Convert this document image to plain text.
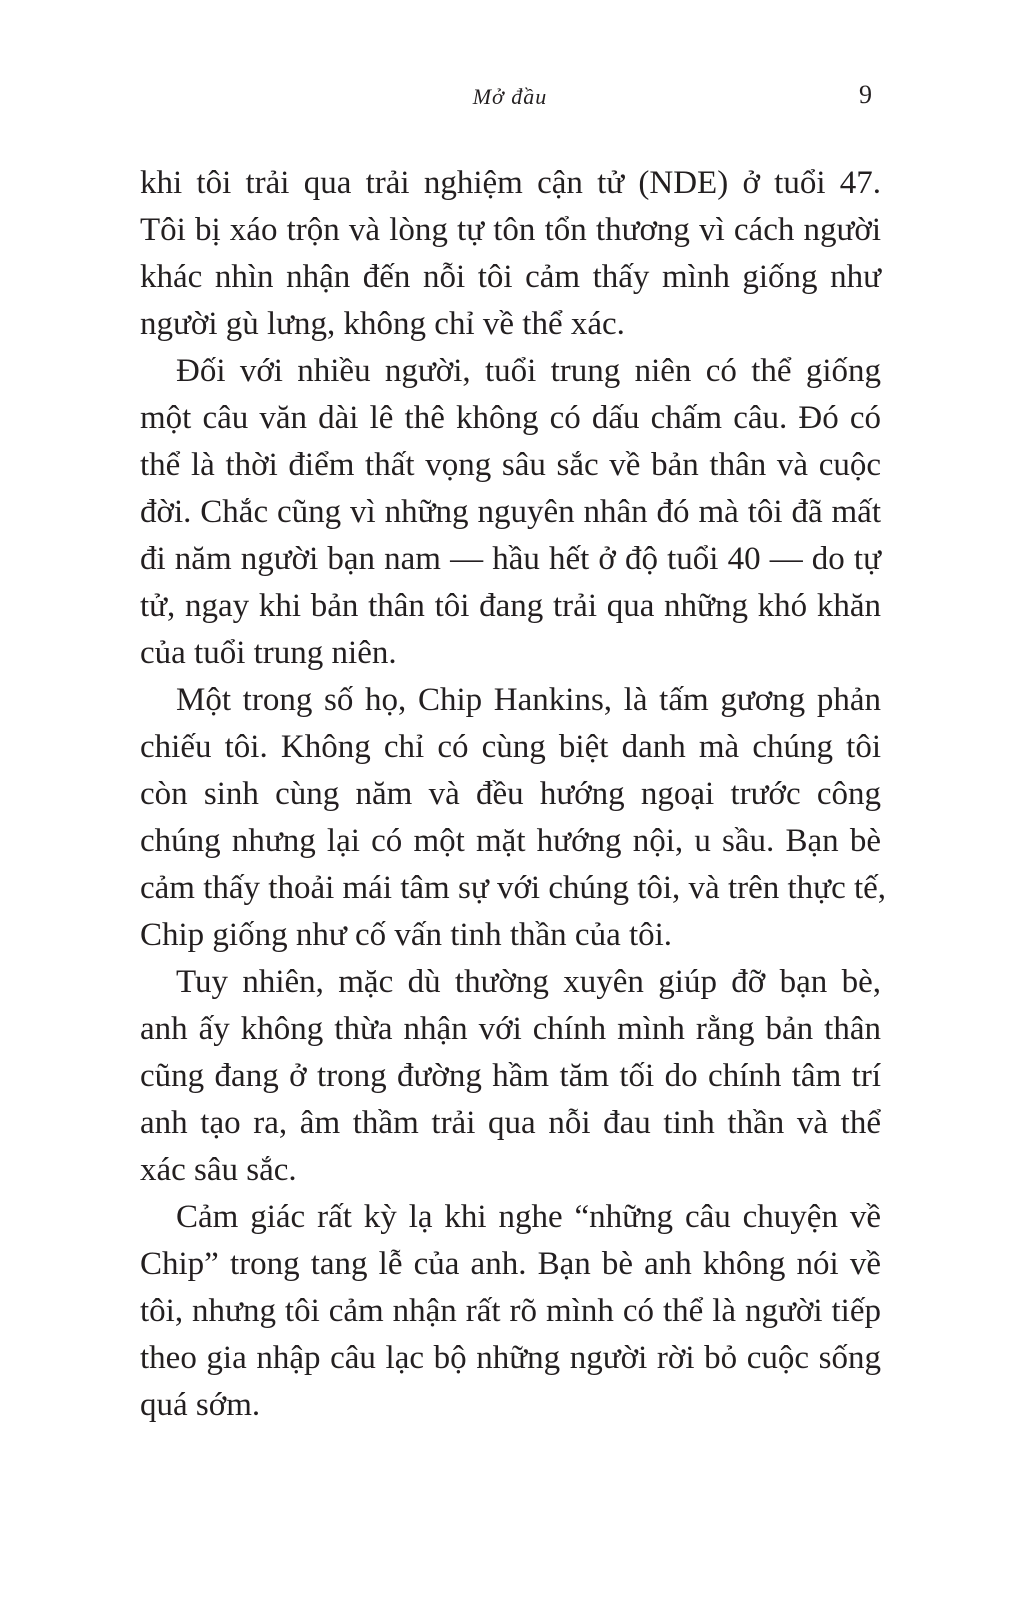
Mở đầu	9
khi tôi trải qua trải nghiệm cận tử (NDE) ở tuổi 47.
Tôi bị xáo trộn và lòng tự tôn tổn thương vì cách người
khác nhìn nhận đến nỗi tôi cảm thấy mình giống như
người gù lưng, không chỉ về thể xác.
Đối với nhiều người, tuổi trung niên có thể giống
một câu văn dài lê thê không có dấu chấm câu. Đó có
thể là thời điểm thất vọng sâu sắc về bản thân và cuộc
đời. Chắc cũng vì những nguyên nhân đó mà tôi đã mất
đi năm người bạn nam — hầu hết ở độ tuổi 40 — do tự
tử, ngay khi bản thân tôi đang trải qua những khó khăn
của tuổi trung niên.
Một trong số họ, Chip Hankins, là tấm gương phản
chiếu tôi. Không chỉ có cùng biệt danh mà chúng tôi
còn sinh cùng năm và đều hướng ngoại trước công
chúng nhưng lại có một mặt hướng nội, u sầu. Bạn bè
cảm thấy thoải mái tâm sự với chúng tôi, và trên thực tế,
Chip giống như cố vấn tinh thần của tôi.
Tuy nhiên, mặc dù thường xuyên giúp đỡ bạn bè,
anh ấy không thừa nhận với chính mình rằng bản thân
cũng đang ở trong đường hầm tăm tối do chính tâm trí
anh tạo ra, âm thầm trải qua nỗi đau tinh thần và thể
xác sâu sắc.
Cảm giác rất kỳ lạ khi nghe “những câu chuyện về
Chip” trong tang lễ của anh. Bạn bè anh không nói về
tôi, nhưng tôi cảm nhận rất rõ mình có thể là người tiếp
theo gia nhập câu lạc bộ những người rời bỏ cuộc sống
quá sớm.
